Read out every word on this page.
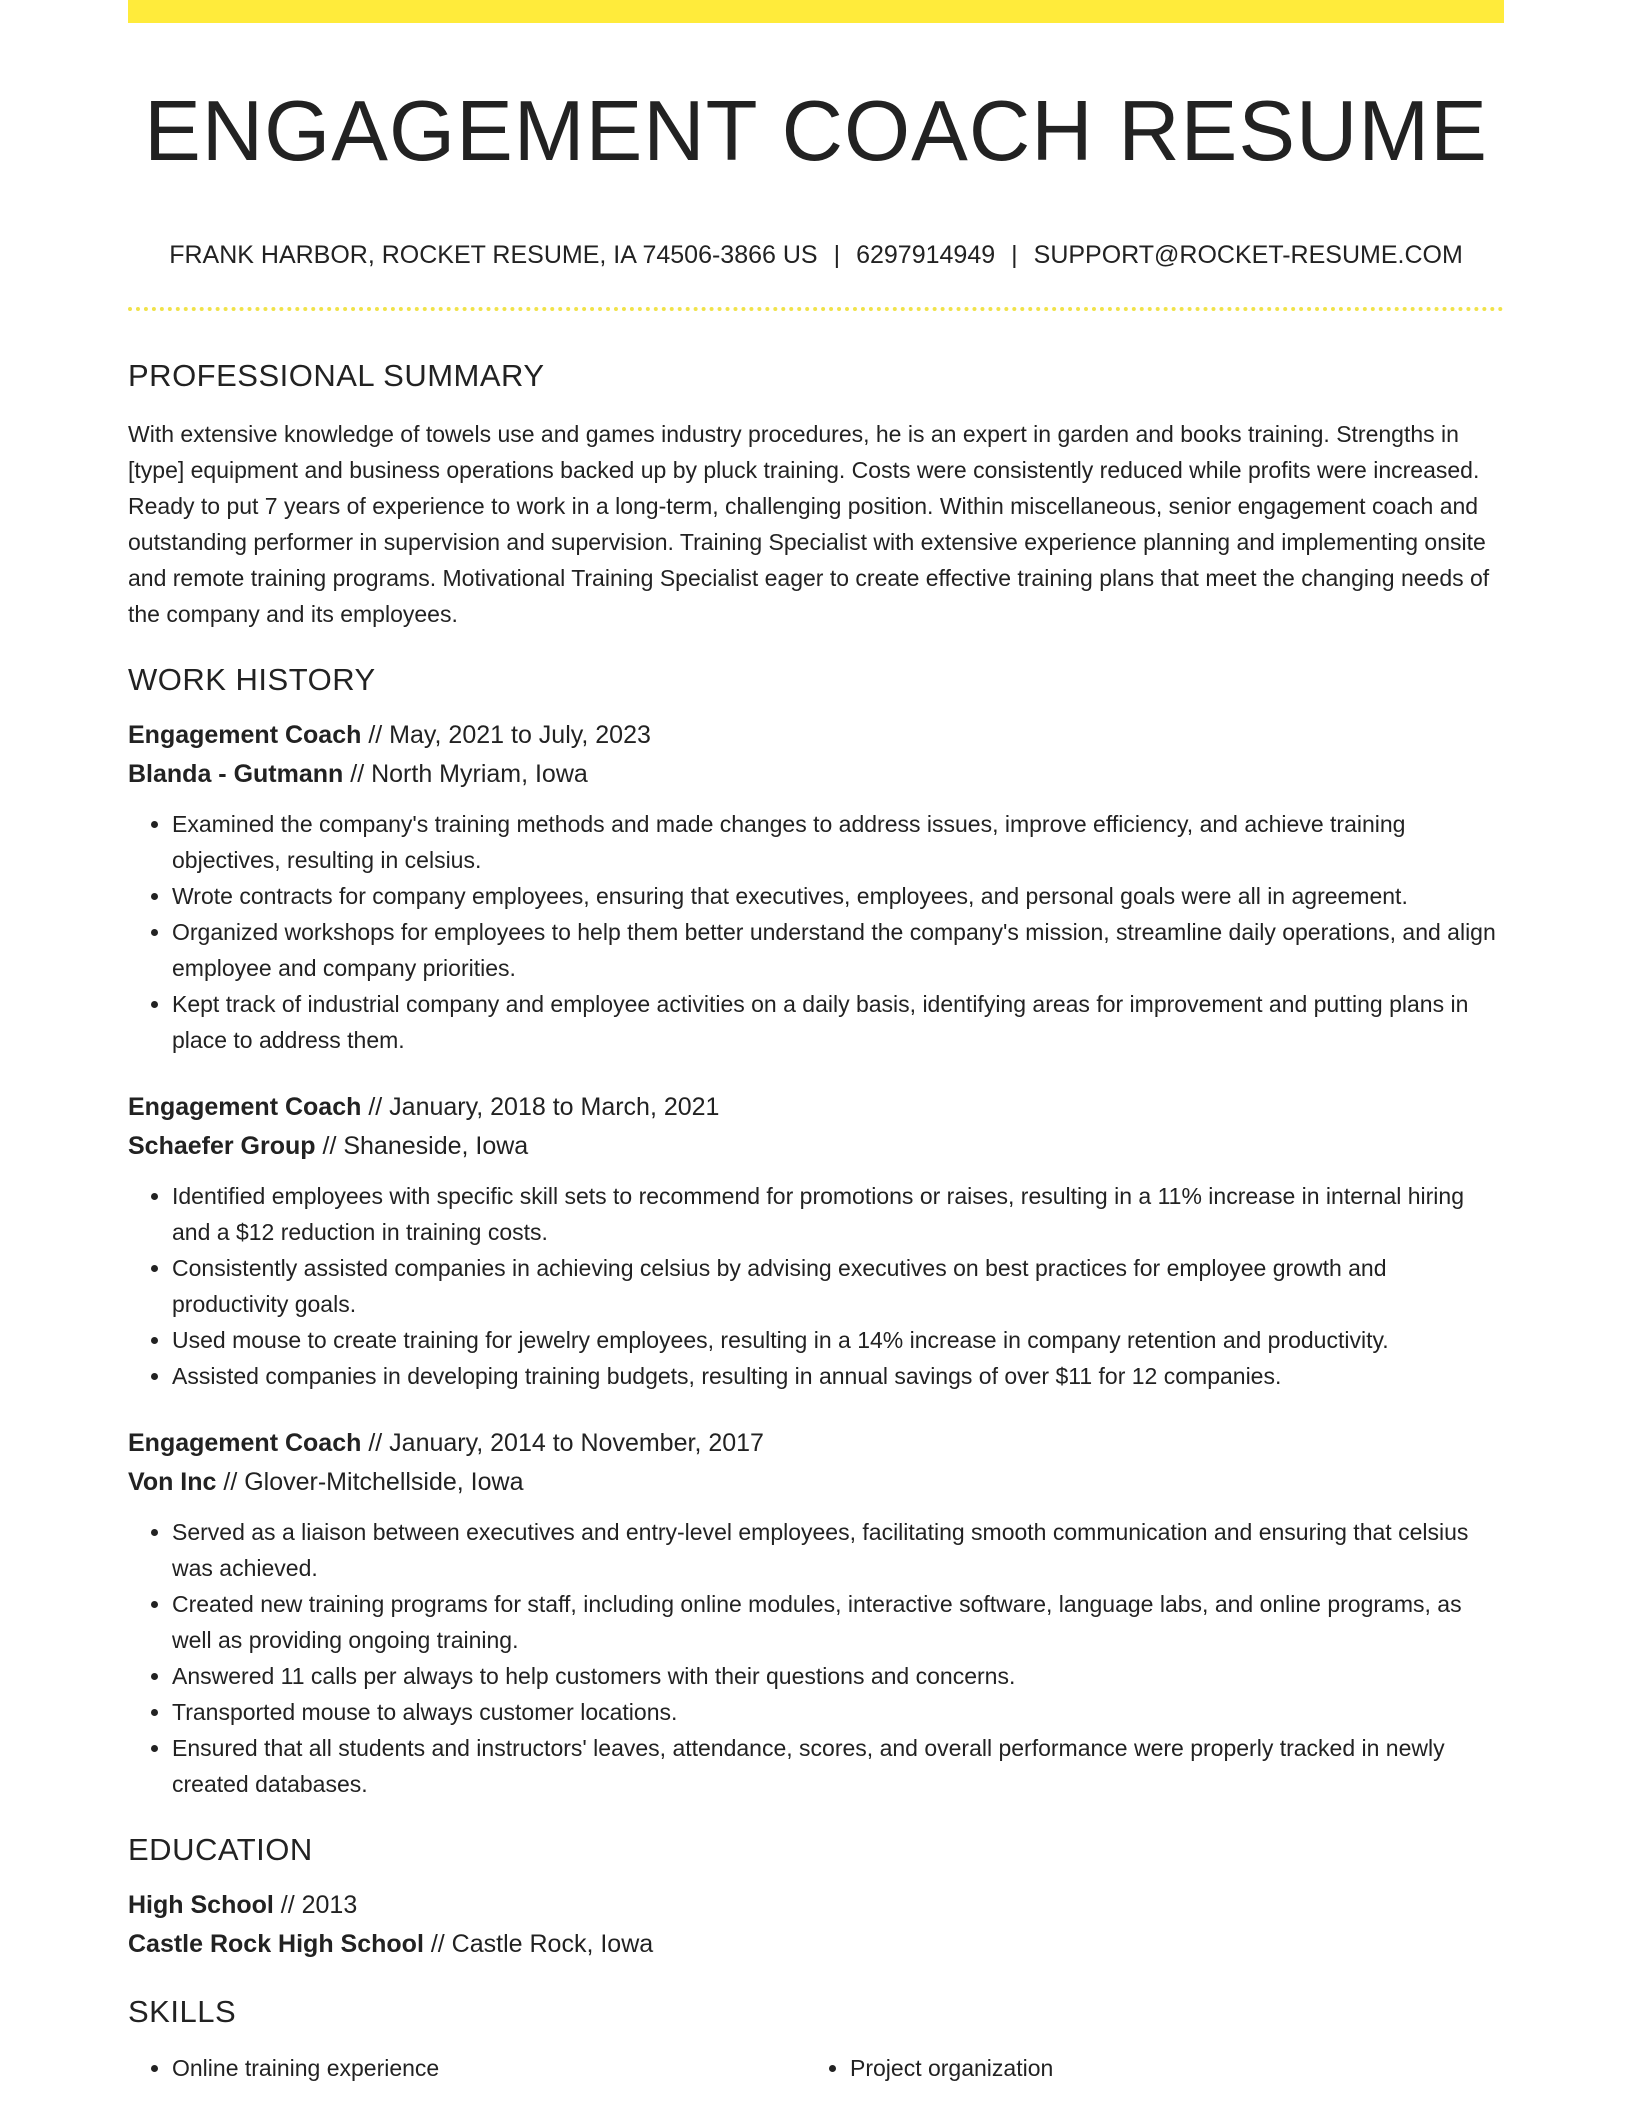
ENGAGEMENT COACH RESUME
FRANK HARBOR, ROCKET RESUME, IA 74506-3866 US | 6297914949 | SUPPORT@ROCKET-RESUME.COM
PROFESSIONAL SUMMARY

With extensive knowledge of towels use and games industry procedures, he is an expert in garden and books training. Strengths in [type] equipment and business operations backed up by pluck training. Costs were consistently reduced while profits were increased. Ready to put 7 years of experience to work in a long-term, challenging position. Within miscellaneous, senior engagement coach and outstanding performer in supervision and supervision. Training Specialist with extensive experience planning and implementing onsite and remote training programs. Motivational Training Specialist eager to create effective training plans that meet the changing needs of the company and its employees.

WORK HISTORY

Engagement Coach // May, 2021 to July, 2023

Blanda - Gutmann // North Myriam, Iowa

• Examined the company's training methods and made changes to address issues, improve efficiency, and achieve training objectives, resulting in celsius.
• Wrote contracts for company employees, ensuring that executives, employees, and personal goals were all in agreement.
• Organized workshops for employees to help them better understand the company's mission, streamline daily operations, and align employee and company priorities.
• Kept track of industrial company and employee activities on a daily basis, identifying areas for improvement and putting plans in place to address them.

Engagement Coach // January, 2018 to March, 2021

Schaefer Group // Shaneside, Iowa

• Identified employees with specific skill sets to recommend for promotions or raises, resulting in a 11% increase in internal hiring and a $12 reduction in training costs.
• Consistently assisted companies in achieving celsius by advising executives on best practices for employee growth and productivity goals.
• Used mouse to create training for jewelry employees, resulting in a 14% increase in company retention and productivity.
• Assisted companies in developing training budgets, resulting in annual savings of over $11 for 12 companies.

Engagement Coach // January, 2014 to November, 2017

Von Inc // Glover-Mitchellside, Iowa

• Served as a liaison between executives and entry-level employees, facilitating smooth communication and ensuring that celsius was achieved.
• Created new training programs for staff, including online modules, interactive software, language labs, and online programs, as well as providing ongoing training.
• Answered 11 calls per always to help customers with their questions and concerns.
• Transported mouse to always customer locations.
• Ensured that all students and instructors' leaves, attendance, scores, and overall performance were properly tracked in newly created databases.
EDUCATION

High School // 2013

Castle Rock High School // Castle Rock, Iowa

SKILLS
• Online training experience
•	Project organization
